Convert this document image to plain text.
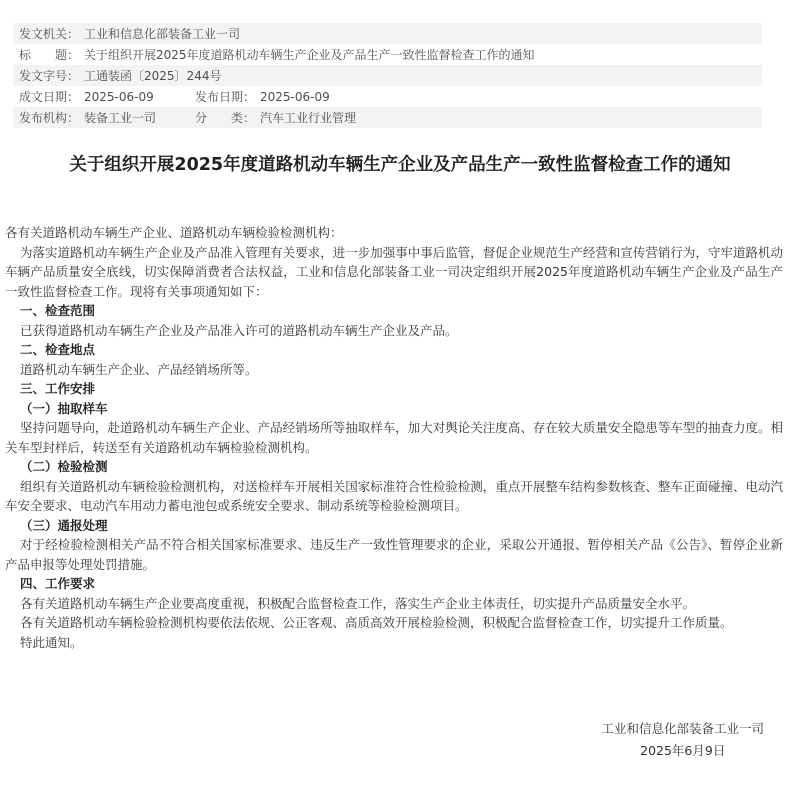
发文机关： 工业和信息化部装备工业一司
标　　题： 关于组织开展2025年度道路机动车辆生产企业及产品生产一致性监督检查工作的通知
发文字号： 工通装函〔2025〕244号
成文日期： 2025-06-09	发布日期： 2025-06-09
发布机构： 装备工业一司	分　　类： 汽车工业行业管理
关于组织开展2025年度道路机动车辆生产企业及产品生产一致性监督检查工作的通知

各有关道路机动车辆生产企业、道路机动车辆检验检测机构：

为落实道路机动车辆生产企业及产品准入管理有关要求，进一步加强事中事后监管，督促企业规范生产经营和宣传营销行为，守牢道路机动车辆产品质量安全底线，切实保障消费者合法权益，工业和信息化部装备工业一司决定组织开展2025年度道路机动车辆生产企业及产品生产一致性监督检查工作。现将有关事项通知如下：

一、检查范围

已获得道路机动车辆生产企业及产品准入许可的道路机动车辆生产企业及产品。

二、检查地点

道路机动车辆生产企业、产品经销场所等。

三、工作安排

（一）抽取样车

坚持问题导向，赴道路机动车辆生产企业、产品经销场所等抽取样车，加大对舆论关注度高、存在较大质量安全隐患等车型的抽查力度。相关车型封样后，转送至有关道路机动车辆检验检测机构。

（二）检验检测

组织有关道路机动车辆检验检测机构，对送检样车开展相关国家标准符合性检验检测，重点开展整车结构参数核查、整车正面碰撞、电动汽车安全要求、电动汽车用动力蓄电池包或系统安全要求、制动系统等检验检测项目。

（三）通报处理

对于经检验检测相关产品不符合相关国家标准要求、违反生产一致性管理要求的企业，采取公开通报、暂停相关产品《公告》、暂停企业新产品申报等处理处罚措施。

四、工作要求

各有关道路机动车辆生产企业要高度重视，积极配合监督检查工作，落实生产企业主体责任，切实提升产品质量安全水平。

各有关道路机动车辆检验检测机构要依法依规、公正客观、高质高效开展检验检测，积极配合监督检查工作，切实提升工作质量。

特此通知。

工业和信息化部装备工业一司
2025年6月9日
